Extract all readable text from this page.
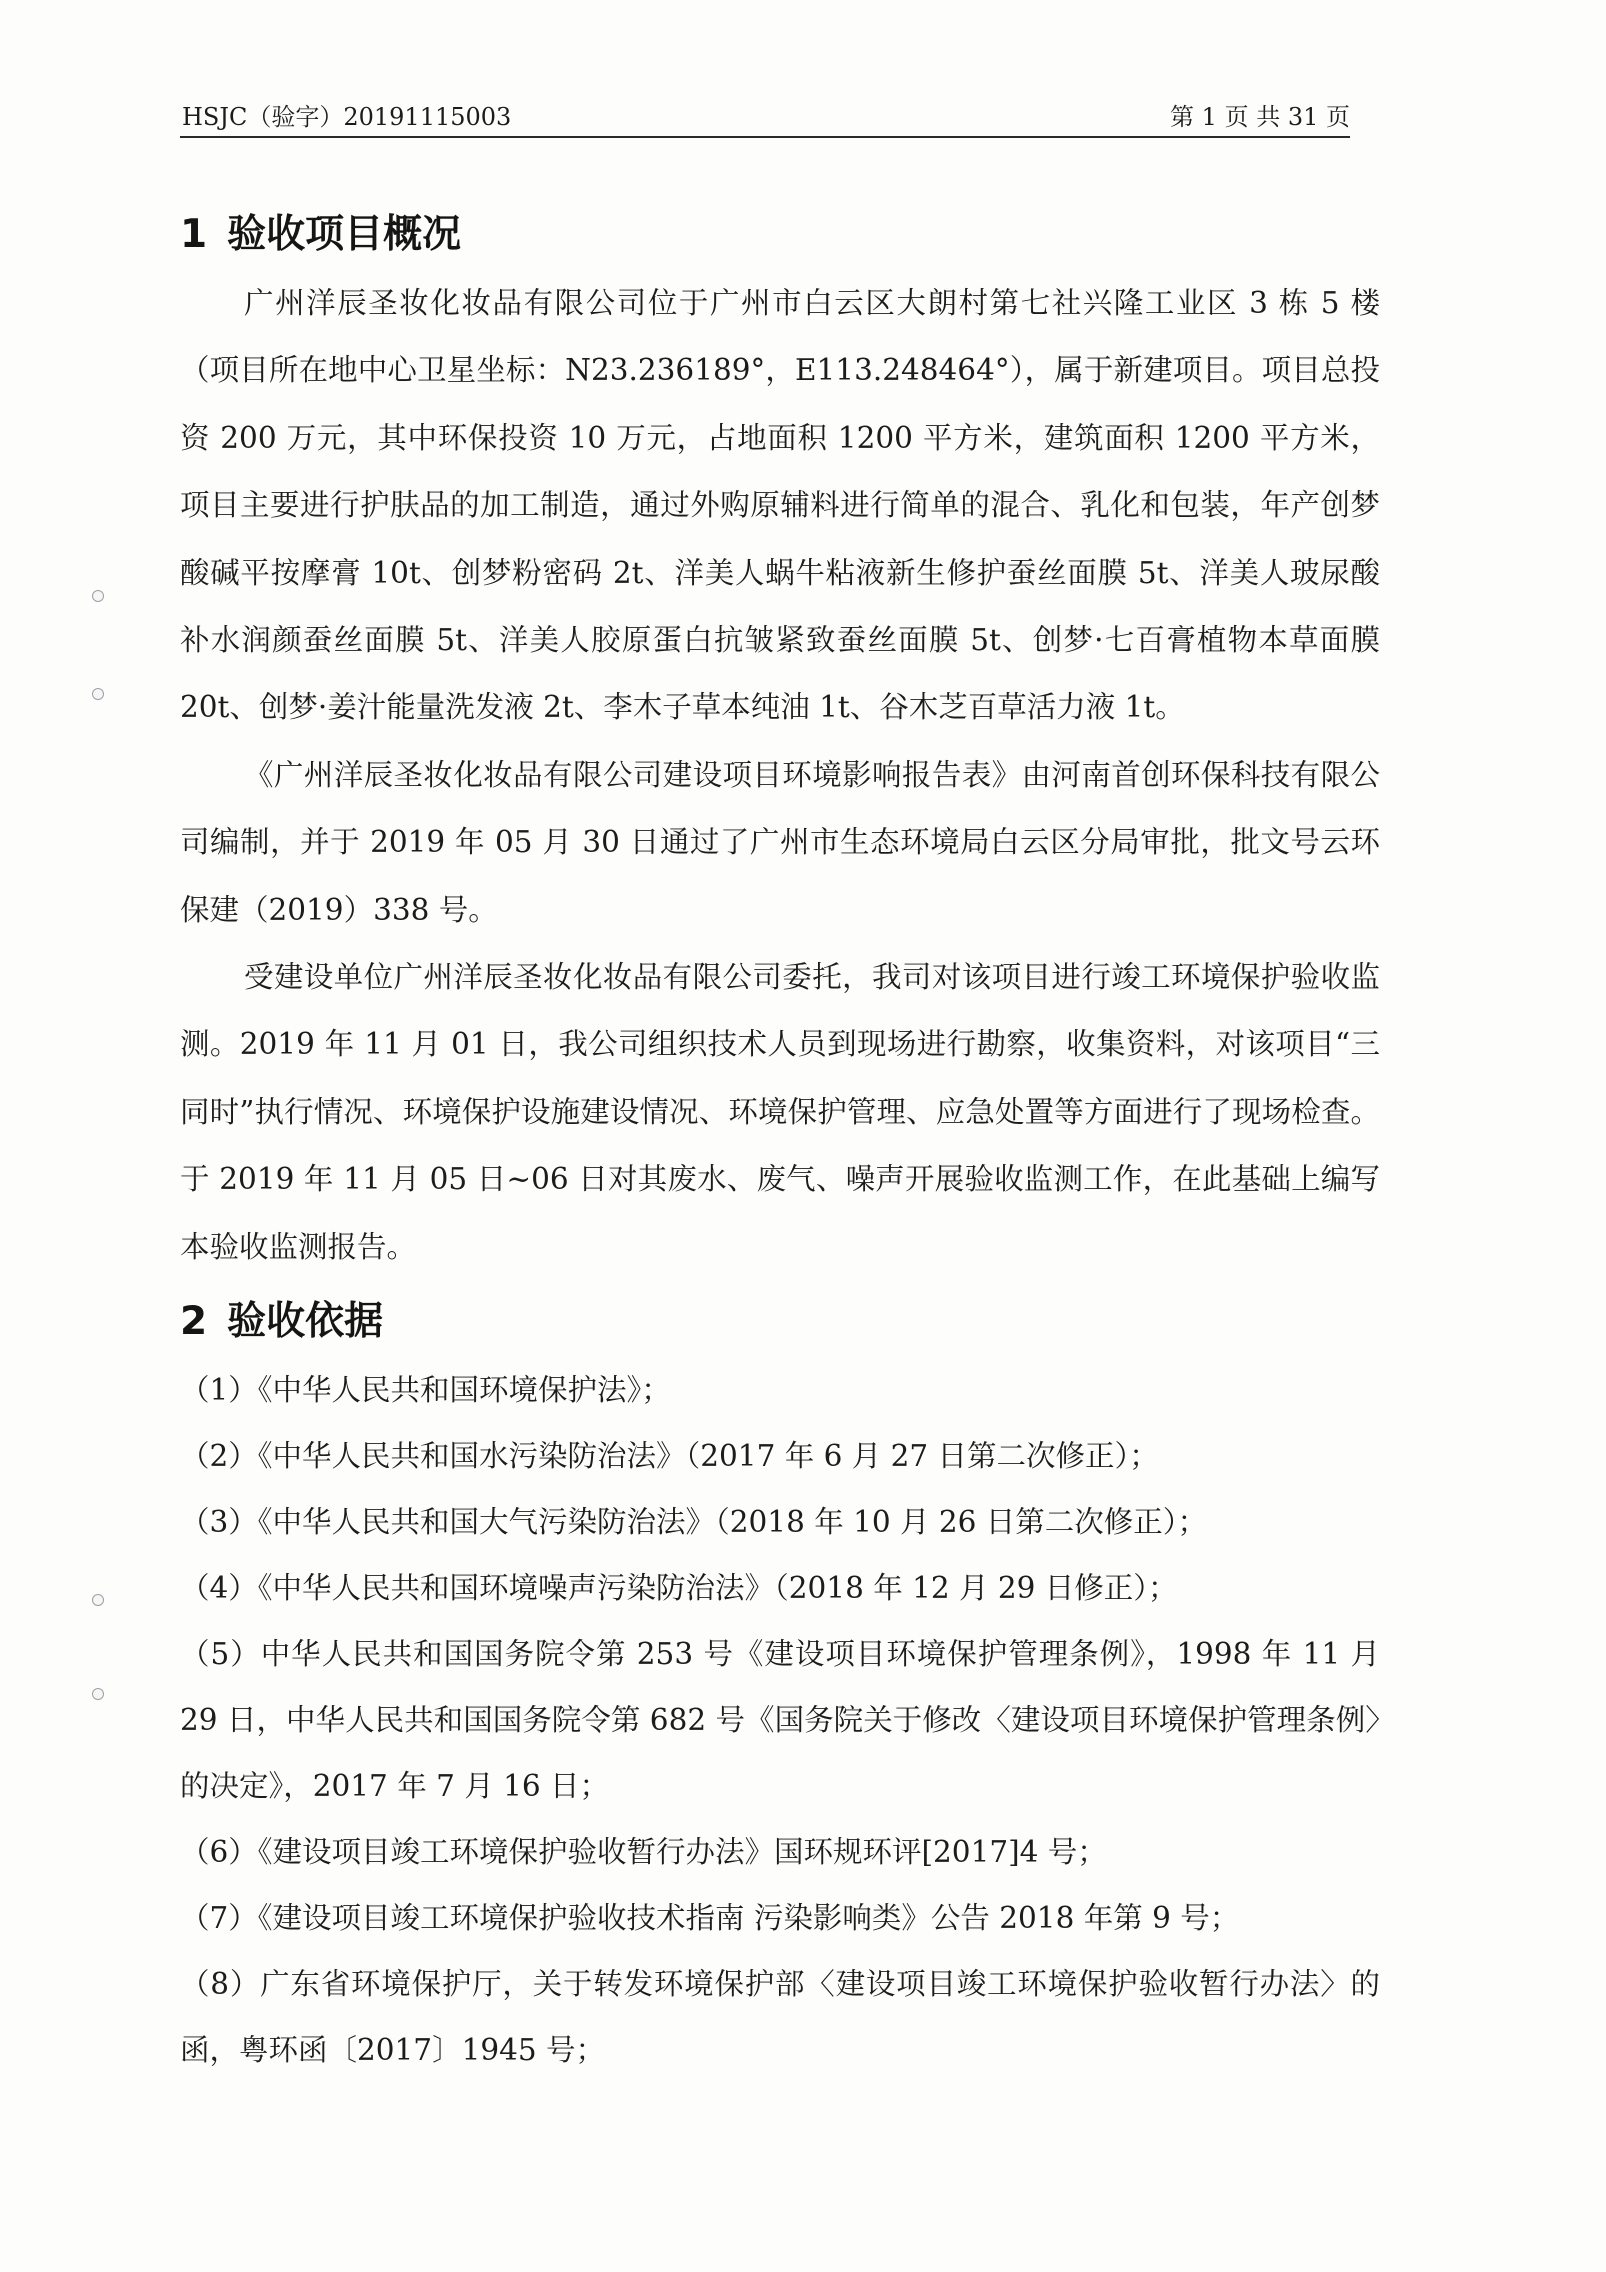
HSJC（验字）20191115003	第 1 页 共 31 页
1 验收项目概况

广州洋辰圣妆化妆品有限公司位于广州市白云区大朗村第七社兴隆工业区 3 栋 5 楼（项目所在地中心卫星坐标：N23.236189°，E113.248464°），属于新建项目。项目总投资 200 万元，其中环保投资 10 万元，占地面积 1200 平方米，建筑面积 1200 平方米，项目主要进行护肤品的加工制造，通过外购原辅料进行简单的混合、乳化和包装，年产创梦酸碱平按摩膏 10t、创梦粉密码 2t、洋美人蜗牛粘液新生修护蚕丝面膜 5t、洋美人玻尿酸补水润颜蚕丝面膜 5t、洋美人胶原蛋白抗皱紧致蚕丝面膜 5t、创梦·七百膏植物本草面膜 20t、创梦·姜汁能量洗发液 2t、李木子草本纯油 1t、谷木芝百草活力液 1t。

《广州洋辰圣妆化妆品有限公司建设项目环境影响报告表》由河南首创环保科技有限公司编制，并于 2019 年 05 月 30 日通过了广州市生态环境局白云区分局审批，批文号云环保建（2019）338 号。

受建设单位广州洋辰圣妆化妆品有限公司委托，我司对该项目进行竣工环境保护验收监测。2019 年 11 月 01 日，我公司组织技术人员到现场进行勘察，收集资料，对该项目“三同时”执行情况、环境保护设施建设情况、环境保护管理、应急处置等方面进行了现场检查。于 2019 年 11 月 05 日~06 日对其废水、废气、噪声开展验收监测工作，在此基础上编写本验收监测报告。

2 验收依据

（1）《中华人民共和国环境保护法》；

（2）《中华人民共和国水污染防治法》（2017 年 6 月 27 日第二次修正）；

（3）《中华人民共和国大气污染防治法》（2018 年 10 月 26 日第二次修正）；

（4）《中华人民共和国环境噪声污染防治法》（2018 年 12 月 29 日修正）；

（5）中华人民共和国国务院令第 253 号《建设项目环境保护管理条例》，1998 年 11 月 29 日，中华人民共和国国务院令第 682 号《国务院关于修改〈建设项目环境保护管理条例〉的决定》，2017 年 7 月 16 日；

（6）《建设项目竣工环境保护验收暂行办法》国环规环评[2017]4 号；

（7）《建设项目竣工环境保护验收技术指南 污染影响类》公告 2018 年第 9 号；

（8）广东省环境保护厅，关于转发环境保护部〈建设项目竣工环境保护验收暂行办法〉的函，粤环函〔2017〕1945 号；
